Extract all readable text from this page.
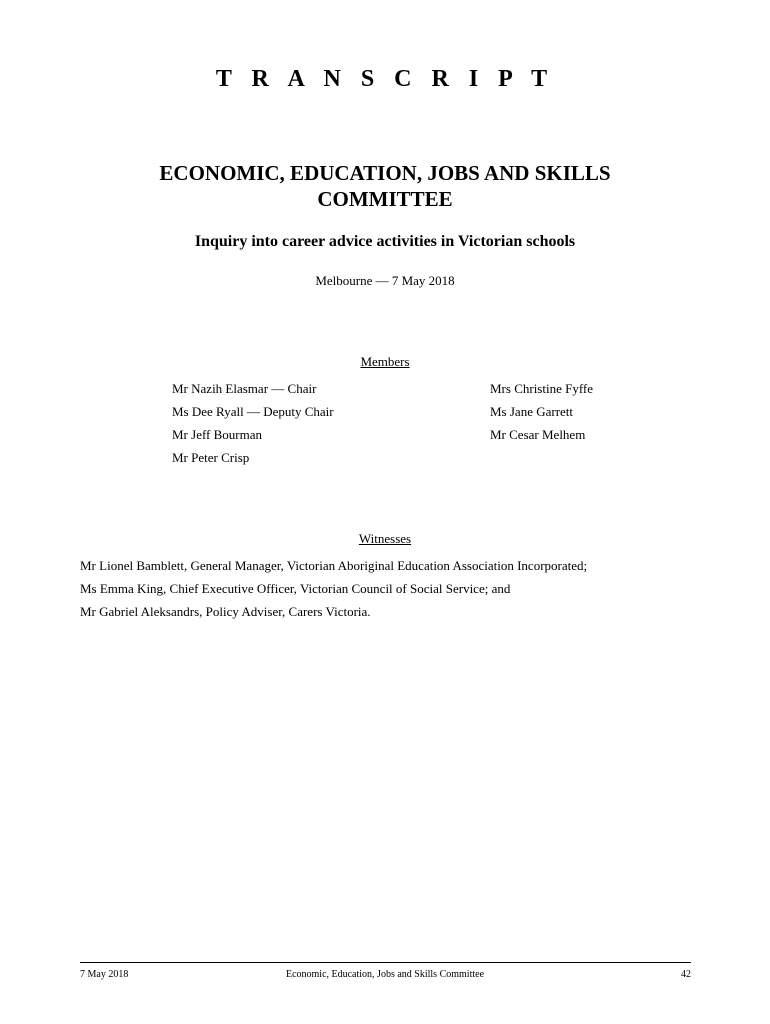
T R A N S C R I P T
ECONOMIC, EDUCATION, JOBS AND SKILLS
COMMITTEE
Inquiry into career advice activities in Victorian schools
Melbourne — 7 May 2018
Members
Mr Nazih Elasmar — Chair
Ms Dee Ryall — Deputy Chair
Mr Jeff Bourman
Mr Peter Crisp
Mrs Christine Fyffe
Ms Jane Garrett
Mr Cesar Melhem
Witnesses
Mr Lionel Bamblett, General Manager, Victorian Aboriginal Education Association Incorporated;
Ms Emma King, Chief Executive Officer, Victorian Council of Social Service; and
Mr Gabriel Aleksandrs, Policy Adviser, Carers Victoria.
7 May 2018	Economic, Education, Jobs and Skills Committee	42
